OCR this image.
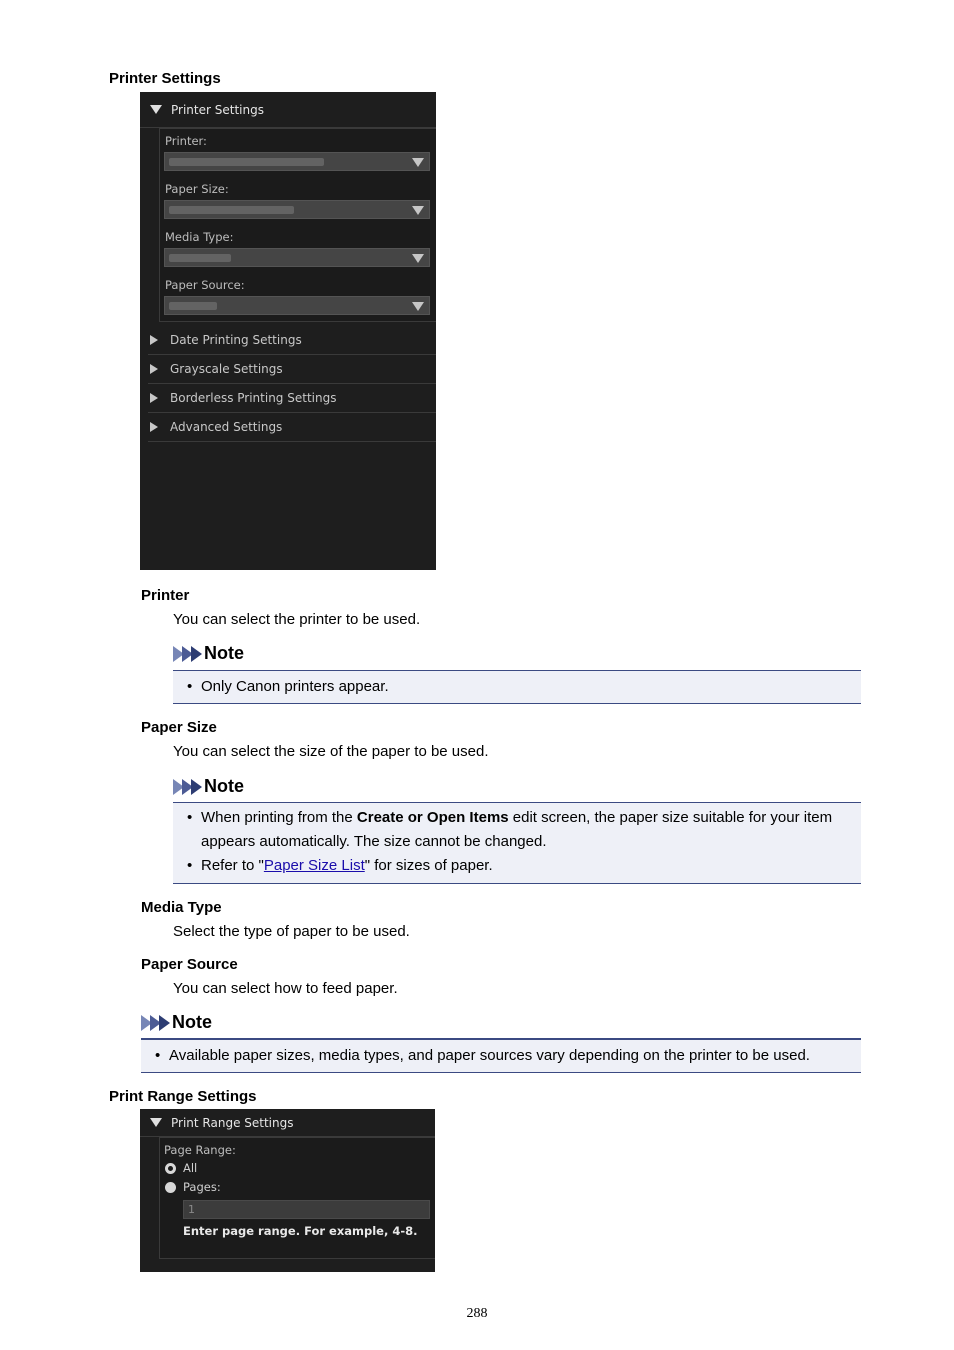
Printer Settings
Printer Settings
Printer:
Paper Size:
Media Type:
Paper Source:
Date Printing Settings
Grayscale Settings
Borderless Printing Settings
Advanced Settings
Printer
You can select the printer to be used.
Note
• Only Canon printers appear.
Paper Size
You can select the size of the paper to be used.
Note
• When printing from the Create or Open Items edit screen, the paper size suitable for your item appears automatically. The size cannot be changed.
• Refer to "Paper Size List" for sizes of paper.
Media Type
Select the type of paper to be used.
Paper Source
You can select how to feed paper.
Note
• Available paper sizes, media types, and paper sources vary depending on the printer to be used.
Print Range Settings
Print Range Settings
Page Range:
All
Pages:
1
Enter page range. For example, 4-8.
288
